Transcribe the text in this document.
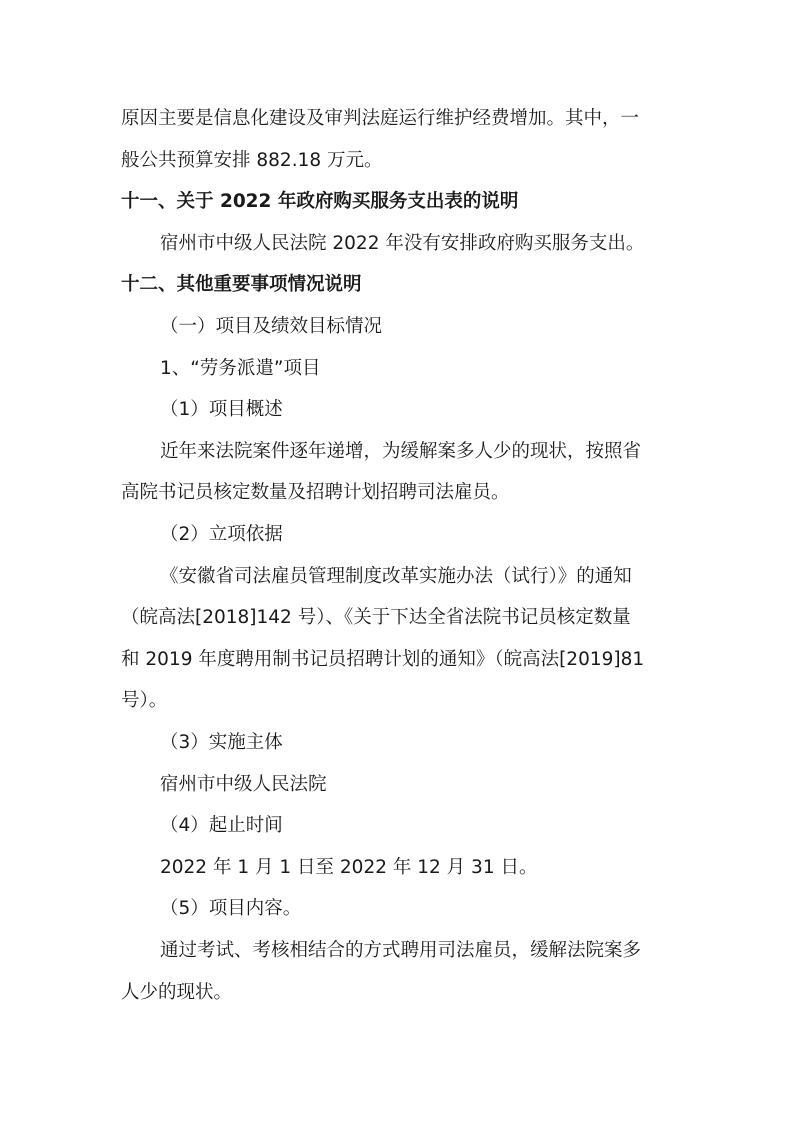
原因主要是信息化建设及审判法庭运行维护经费增加。其中，一
般公共预算安排 882.18 万元。
十一、关于 2022 年政府购买服务支出表的说明
宿州市中级人民法院 2022 年没有安排政府购买服务支出。
十二、其他重要事项情况说明
（一）项目及绩效目标情况
1、“劳务派遣”项目
（1）项目概述
近年来法院案件逐年递增，为缓解案多人少的现状，按照省
高院书记员核定数量及招聘计划招聘司法雇员。
（2）立项依据
《安徽省司法雇员管理制度改革实施办法（试行）》的通知
（皖高法[2018]142 号）、《关于下达全省法院书记员核定数量
和 2019 年度聘用制书记员招聘计划的通知》（皖高法[2019]81
号）。
（3）实施主体
宿州市中级人民法院
（4）起止时间
2022 年 1 月 1 日至 2022 年 12 月 31 日。
（5）项目内容。
通过考试、考核相结合的方式聘用司法雇员，缓解法院案多
人少的现状。
